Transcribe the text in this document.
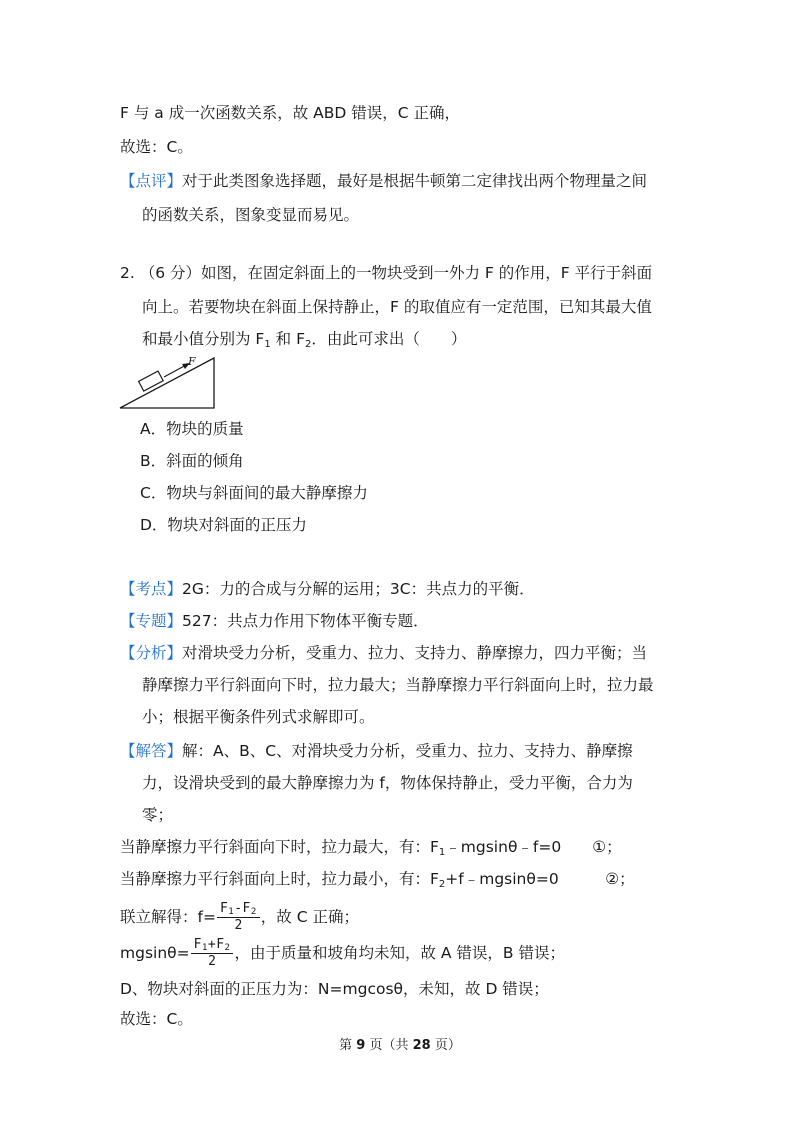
F 与 a 成一次函数关系，故 ABD 错误，C 正确，
故选：C。
【点评】对于此类图象选择题，最好是根据牛顿第二定律找出两个物理量之间
的函数关系，图象变显而易见。
2. （6 分）如图，在固定斜面上的一物块受到一外力 F 的作用，F 平行于斜面
向上。若要物块在斜面上保持静止，F 的取值应有一定范围，已知其最大值
和最小值分别为 $F_1$ 和 $F_2$．由此可求出（　　）
F
A．物块的质量
B．斜面的倾角
C．物块与斜面间的最大静摩擦力
D．物块对斜面的正压力
【考点】2G：力的合成与分解的运用；3C：共点力的平衡．
【专题】527：共点力作用下物体平衡专题．
【分析】对滑块受力分析，受重力、拉力、支持力、静摩擦力，四力平衡；当
静摩擦力平行斜面向下时，拉力最大；当静摩擦力平行斜面向上时，拉力最
小；根据平衡条件列式求解即可。
【解答】解：A、B、C、对滑块受力分析，受重力、拉力、支持力、静摩擦
力，设滑块受到的最大静摩擦力为 f，物体保持静止，受力平衡，合力为
零；
当静摩擦力平行斜面向下时，拉力最大，有：$F_1﹣mgsin\theta﹣f=0$　　①；
当静摩擦力平行斜面向上时，拉力最小，有：$F_2+f﹣mgsin\theta=0$　　　②；
联立解得：$f= \frac{F_1-F_2}{2}$ ，故 C 正确；
$mgsin\theta= \frac{F_1+F_2}{2}$ ，由于质量和坡角均未知，故 A 错误，B 错误；
D、物块对斜面的正压力为：N=mgcosθ，未知，故 D 错误；
故选：C。
第 9 页（共 28 页）
